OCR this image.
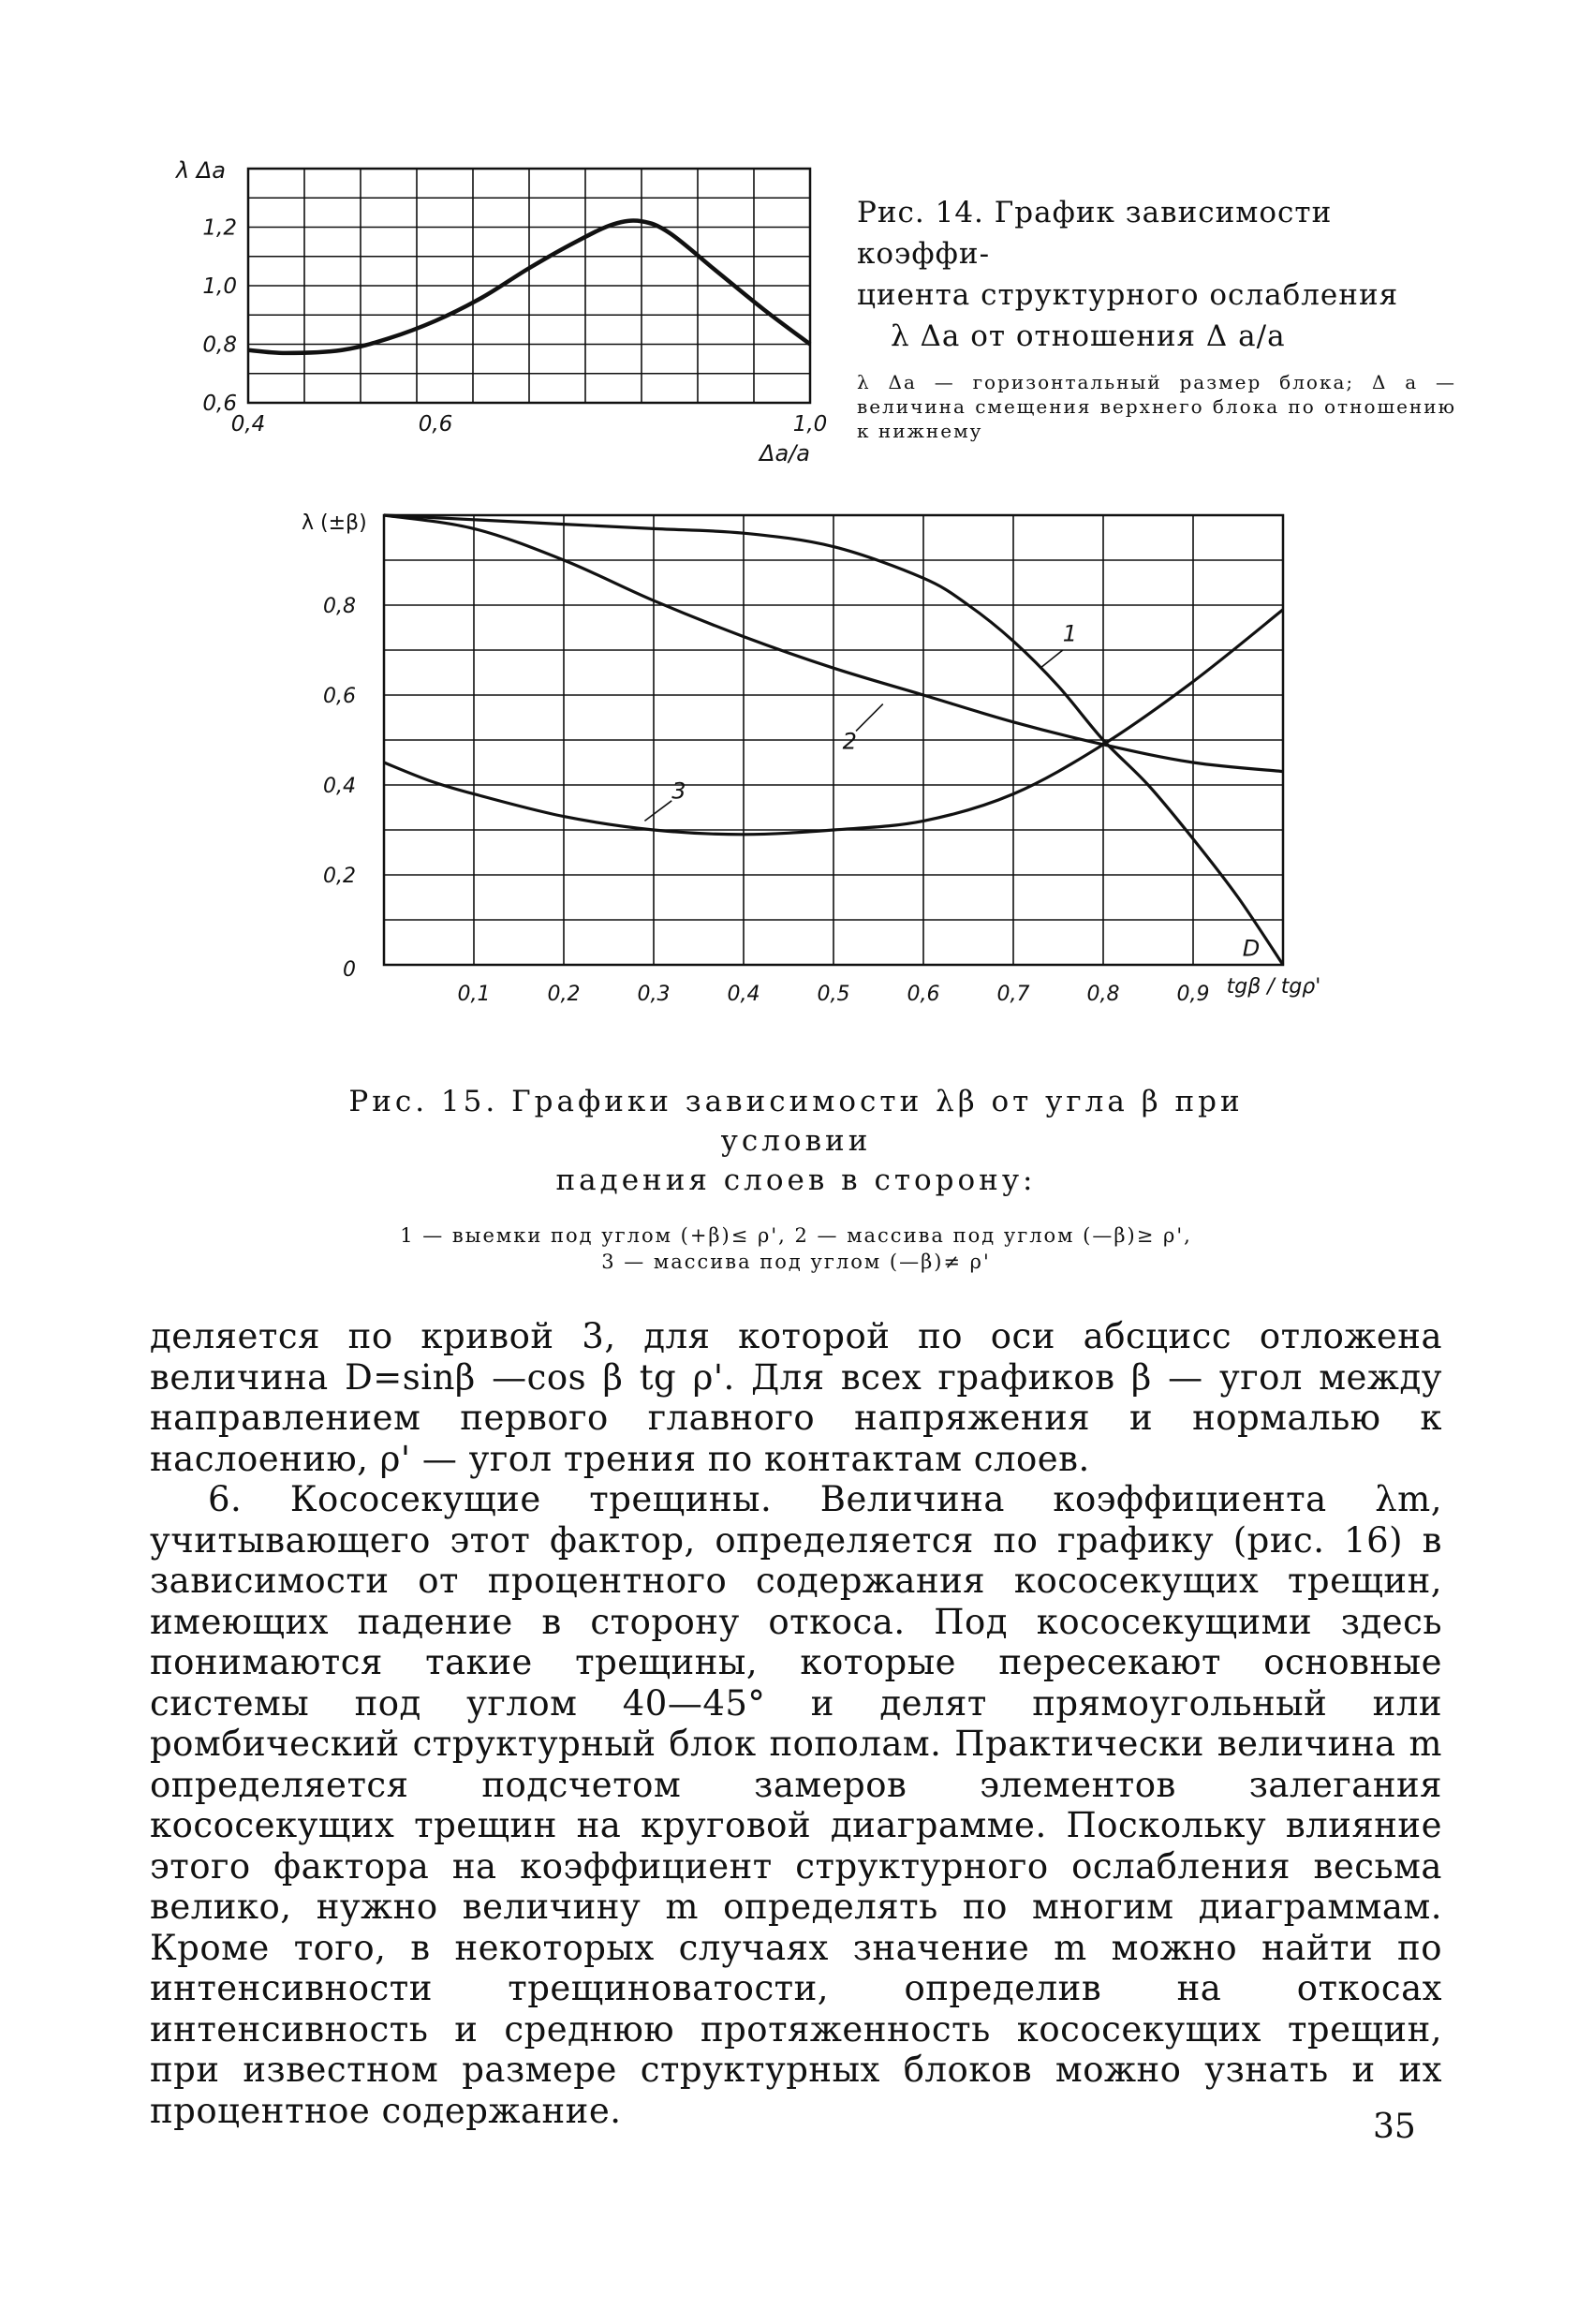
0,6
0,8
1,0
1,2
0,4	0,6	1,0
λ Δa
Δa/a
Рис. 14. График зависимости коэффи-
циента структурного ослабления
λ Δa от отношения Δ a/a
λ Δa — горизонтальный размер блока; Δ a — величина смещения верхнего блока по отношению к нижнему
0
0,2
0,4
0,6
0,8
0,1	0,2	0,3	0,4	0,5	0,6	0,7	0,8	0,9
1
2
3
D
λ (±β)
tgβ / tgρ'
Рис. 15. Графики зависимости λβ от угла β при условии
падения слоев в сторону:
1 — выемки под углом (+β)≤ ρ', 2 — массива под углом (—β)≥ ρ',
3 — массива под углом (—β)≠ ρ'

деляется по кривой 3, для которой по оси абсцисс отложена величина D=sinβ —cos β tg ρ'. Для всех графиков β — угол между направлением первого главного напряжения и нормалью к наслоению, ρ' — угол трения по контактам слоев.

6. Кососекущие трещины. Величина коэффициента λm, учитывающего этот фактор, определяется по графику (рис. 16) в зависимости от процентного содержания кососекущих трещин, имеющих падение в сторону откоса. Под кососекущими здесь понимаются такие трещины, которые пересекают основные системы под углом 40—45° и делят прямоугольный или ромбический структурный блок пополам. Практически величина m определяется подсчетом замеров элементов залегания кососекущих трещин на круговой диаграмме. Поскольку влияние этого фактора на коэффициент структурного ослабления весьма велико, нужно величину m определять по многим диаграммам. Кроме того, в некоторых случаях значение m можно найти по интенсивности трещиноватости, определив на откосах интенсивность и среднюю протяженность кососекущих трещин, при известном размере структурных блоков можно узнать и их процентное содержание.	35
